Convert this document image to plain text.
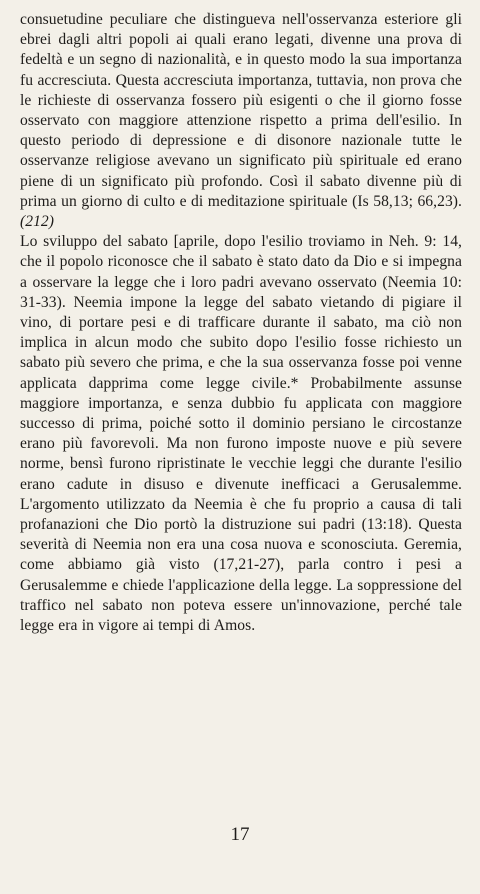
consuetudine peculiare che distingueva nell'osservanza esteriore gli ebrei dagli altri popoli ai quali erano legati, divenne una prova di fedeltà e un segno di nazionalità, e in questo modo la sua importanza fu accresciuta. Questa accresciuta importanza, tuttavia, non prova che le richieste di osservanza fossero più esigenti o che il giorno fosse osservato con maggiore attenzione rispetto a prima dell'esilio. In questo periodo di depressione e di disonore nazionale tutte le osservanze religiose avevano un significato più spirituale ed erano piene di un significato più profondo. Così il sabato divenne più di prima un giorno di culto e di meditazione spirituale (Is 58,13; 66,23). (212)

Lo sviluppo del sabato [aprile, dopo l'esilio troviamo in Neh. 9: 14, che il popolo riconosce che il sabato è stato dato da Dio e si impegna a osservare la legge che i loro padri avevano osservato (Neemia 10: 31-33). Neemia impone la legge del sabato vietando di pigiare il vino, di portare pesi e di trafficare durante il sabato, ma ciò non implica in alcun modo che subito dopo l'esilio fosse richiesto un sabato più severo che prima, e che la sua osservanza fosse poi venne applicata dapprima come legge civile.* Probabilmente assunse maggiore importanza, e senza dubbio fu applicata con maggiore successo di prima, poiché sotto il dominio persiano le circostanze erano più favorevoli. Ma non furono imposte nuove e più severe norme, bensì furono ripristinate le vecchie leggi che durante l'esilio erano cadute in disuso e divenute inefficaci a Gerusalemme. L'argomento utilizzato da Neemia è che fu proprio a causa di tali profanazioni che Dio portò la distruzione sui padri (13:18). Questa severità di Neemia non era una cosa nuova e sconosciuta. Geremia, come abbiamo già visto (17,21-27), parla contro i pesi a Gerusalemme e chiede l'applicazione della legge. La soppressione del traffico nel sabato non poteva essere un'innovazione, perché tale legge era in vigore ai tempi di Amos.

17
